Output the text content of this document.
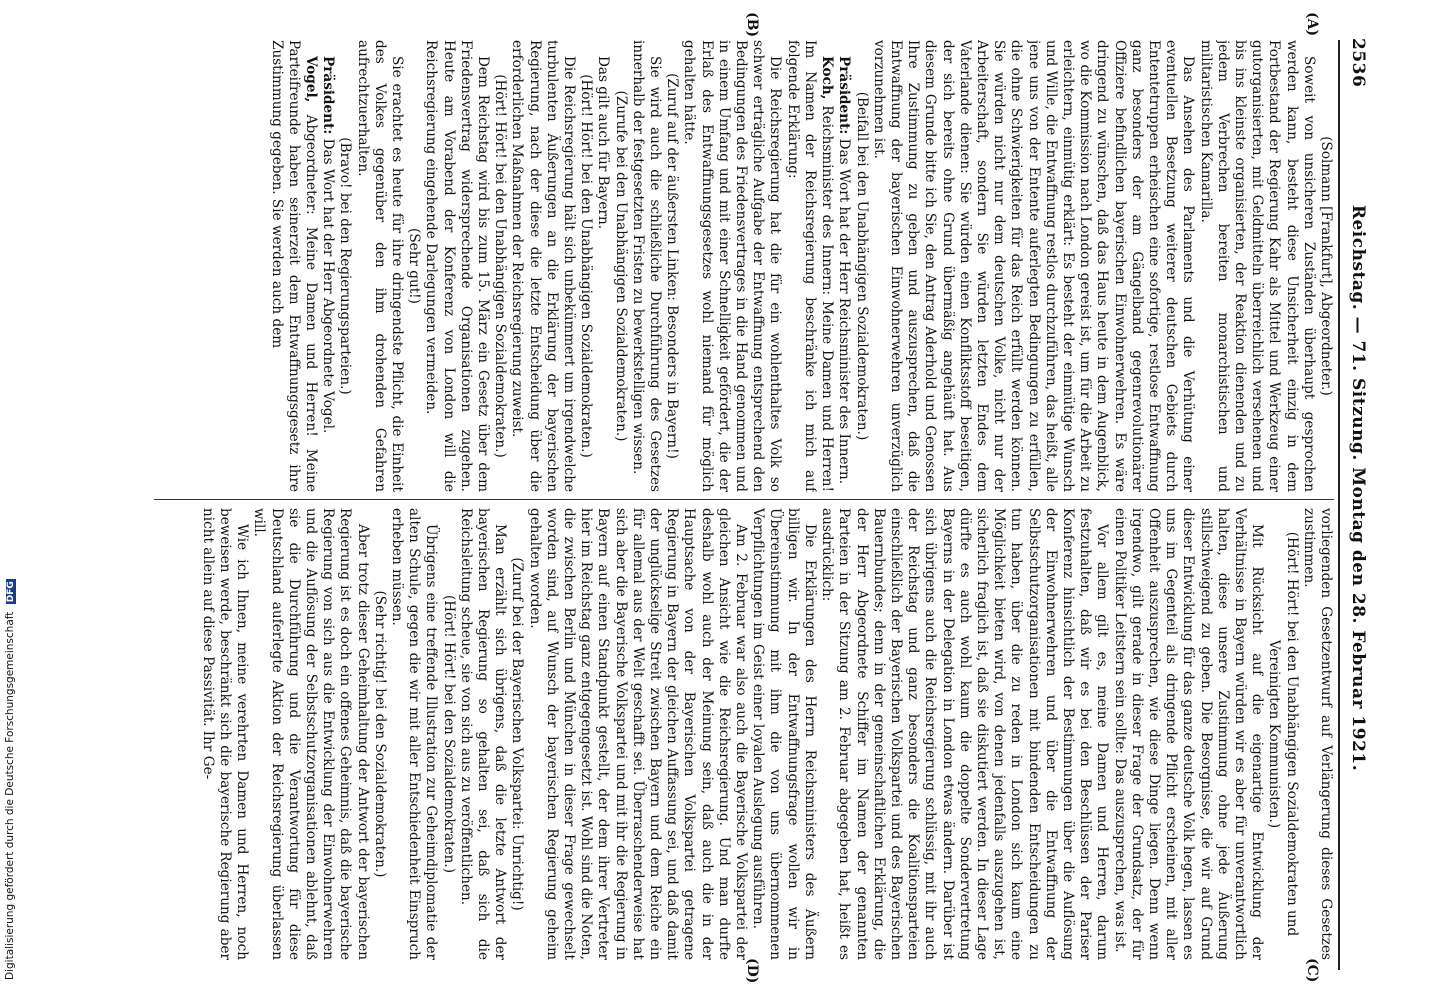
2536
Reichstag. — 71. Sitzung. Montag den 28. Februar 1921.
(A)
(B)
(C)
(D)

(Solmann [Frankfurt], Abgeordneter.)

Soweit von unsicheren Zuständen überhaupt gesprochen werden kann, besteht diese Unsicherheit einzig in dem Fortbestand der Regierung Kahr als Mittel und Werkzeug einer gutorganisierten, mit Geldmitteln überreichlich versehenen und bis ins kleinste organisierten, der Reaktion dienenden und zu jedem Verbrechen bereiten monarchistischen und militaristischen Kamarilla.

Das Ansehen des Parlaments und die Verhütung einer eventuellen Besetzung weiterer deutschen Gebiets durch Ententetruppen erheischen eine sofortige, restlose Entwaffnung ganz besonders der am Gängelband gegenrevolutionärer Offiziere befindlichen bayerischen Einwohnerwehren. Es wäre dringend zu wünschen, daß das Haus heute in dem Augenblick, wo die Kommission nach London gereist ist, um für die Arbeit zu erleichtern, einmütig erklärt: Es besteht der einmütige Wunsch und Wille, die Entwaffnung restlos durchzuführen, das heißt, alle jene uns von der Entente auferlegten Bedingungen zu erfüllen, die ohne Schwierigkeiten für das Reich erfüllt werden können. Sie würden nicht nur dem deutschen Volke, nicht nur der Arbeiterschaft, sondern Sie würden letzten Endes dem Vaterlande dienen: Sie würden einen Konfliktsstoff beseitigen, der sich bereits ohne Grund übermäßig angehäuft hat. Aus diesem Grunde bitte ich Sie, den Antrag Aderhold und Genossen Ihre Zustimmung zu geben und auszusprechen, daß die Entwaffnung der bayerischen Einwohnerwehren unverzüglich vorzunehmen ist.

(Beifall bei den Unabhängigen Sozialdemokraten.)

Präsident: Das Wort hat der Herr Reichsminister des Innern.

Koch, Reichsminister des Innern: Meine Damen und Herren! Im Namen der Reichsregierung beschränke ich mich auf folgende Erklärung:

Die Reichsregierung hat die für ein wohlenthaltes Volk so schwer erträgliche Aufgabe der Entwaffnung entsprechend den Bedingungen des Friedensvertrages in die Hand genommen und in einem Umfang und mit einer Schnelligkeit gefördert, die der Erlaß des Entwaffnungsgesetzes wohl niemand für möglich gehalten hätte.

(Zuruf auf der äußersten Linken: Besonders in Bayern!)

Sie wird auch die schließliche Durchführung des Gesetzes innerhalb der festgesetzten Fristen zu bewerkstelligen wissen.

(Zurufe bei den Unabhängigen Sozialdemokraten.)

Das gilt auch für Bayern.

(Hört! Hört! bei den Unabhängigen Sozialdemokraten.)

Die Reichsregierung hält sich unbekümmert um irgendwelche turbulenten Äußerungen an die Erklärung der bayerischen Regierung, nach der diese die letzte Entscheidung über die erforderlichen Maßnahmen der Reichsregierung zuweist.

(Hört! Hört! bei den Unabhängigen Sozialdemokraten.)

Dem Reichstag wird bis zum 15. März ein Gesetz über dem Friedensvertrag widersprechende Organisationen zugehen. Heute am Vorabend der Konferenz von London will die Reichsregierung eingehende Darlegungen vermeiden.

(Sehr gut!)

Sie erachtet es heute für ihre dringendste Pflicht, die Einheit des Volkes gegenüber den ihm drohenden Gefahren aufrechtzuerhalten.

(Bravo! bei den Regierungsparteien.)

Präsident: Das Wort hat der Herr Abgeordnete Vogel.

Vogel, Abgeordneter: Meine Damen und Herren! Meine Parteifreunde haben seinerzeit dem Entwaffnungsgesetz ihre Zustimmung gegeben. Sie werden auch dem

vorliegenden Gesetzentwurf auf Verlängerung dieses Gesetzes zustimmen.

(Hört! Hört! bei den Unabhängigen Sozialdemokraten und Vereinigten Kommunisten.)

Mit Rücksicht auf die eigenartige Entwicklung der Verhältnisse in Bayern würden wir es aber für unverantwortlich halten, diese unsere Zustimmung ohne jede Äußerung stillschweigend zu geben. Die Besorgnisse, die wir auf Grund dieser Entwicklung für das ganze deutsche Volk hegen, lassen es uns im Gegenteil als dringende Pflicht erscheinen, mit aller Offenheit auszusprechen, wie diese Dinge liegen. Denn wenn irgendwo, gilt gerade in dieser Frage der Grundsatz, der für einen Politiker Leitstern sein sollte: Das auszusprechen, was ist.

Vor allem gilt es, meine Damen und Herren, darum festzuhalten, daß wir es bei den Beschlüssen der Pariser Konferenz hinsichtlich der Bestimmungen über die Auflösung der Einwohnerwehren und über die Entwaffnung der Selbstschutzorganisationen mit bindenden Entscheidungen zu tun haben, über die zu reden in London sich kaum eine Möglichkeit bieten wird, von denen jedenfalls auszugehen ist, sicherlich fraglich ist, daß sie diskutiert werden. In dieser Lage dürfte es auch wohl kaum die doppelte Sondervertretung Bayerns in der Delegation in London etwas ändern. Darüber ist sich übrigens auch die Reichsregierung schlüssig, mit ihr auch der Reichstag und ganz besonders die Koalitionsparteien einschließlich der Bayerischen Volkspartei und des Bayerischen Bauernbundes; denn in der gemeinschaftlichen Erklärung, die der Herr Abgeordnete Schiffer im Namen der genannten Parteien in der Sitzung am 2. Februar abgegeben hat, heißt es ausdrücklich:

Die Erklärungen des Herrn Reichsministers des Äußern billigen wir. In der Entwaffnungsfrage wollen wir in Übereinstimmung mit ihm die von uns übernommenen Verpflichtungen im Geist einer loyalen Auslegung ausführen.

Am 2. Februar war also auch die Bayerische Volkspartei der gleichen Ansicht wie die Reichsregierung. Und man durfte deshalb wohl auch der Meinung sein, daß auch die in der Hauptsache von der Bayerischen Volkspartei getragene Regierung in Bayern der gleichen Auffassung sei, und daß damit der unglückselige Streit zwischen Bayern und dem Reiche ein für allemal aus der Welt geschafft sei. Überraschenderweise hat sich aber die Bayerische Volkspartei und mit ihr die Regierung in Bayern auf einen Standpunkt gestellt, der dem ihrer Vertreter hier im Reichstag ganz entgegengesetzt ist. Wohl sind die Noten, die zwischen Berlin und München in dieser Frage gewechselt worden sind, auf Wunsch der bayerischen Regierung geheim gehalten worden.

(Zuruf bei der Bayerischen Volkspartei: Unrichtig!)

Man erzählt sich übrigens, daß die letzte Antwort der bayerischen Regierung so gehalten sei, daß sich die Reichsleitung scheue, sie von sich aus zu veröffentlichen.

(Hört! Hört! bei den Sozialdemokraten.)

Übrigens eine treffende Illustration zur Geheimdiplomatie der alten Schule, gegen die wir mit aller Entschiedenheit Einspruch erheben müssen.

(Sehr richtig! bei den Sozialdemokraten.)

Aber trotz dieser Geheimhaltung der Antwort der bayerischen Regierung ist es doch ein offenes Geheimnis, daß die bayerische Regierung von sich aus die Entwicklung der Einwohnerwehren und die Auflösung der Selbstschutzorganisationen ablehnt, daß sie die Durchführung und die Verantwortung für diese Deutschland auferlegte Aktion der Reichsregierung überlassen will.

Wie ich Ihnen, meine verehrten Damen und Herren, noch beweisen werde, beschränkt sich die bayerische Regierung aber nicht allein auf diese Passivität. Ihr Ge-

Digitalisierung gefördert durch die Deutsche Forschungsgemeinschaft DFG
